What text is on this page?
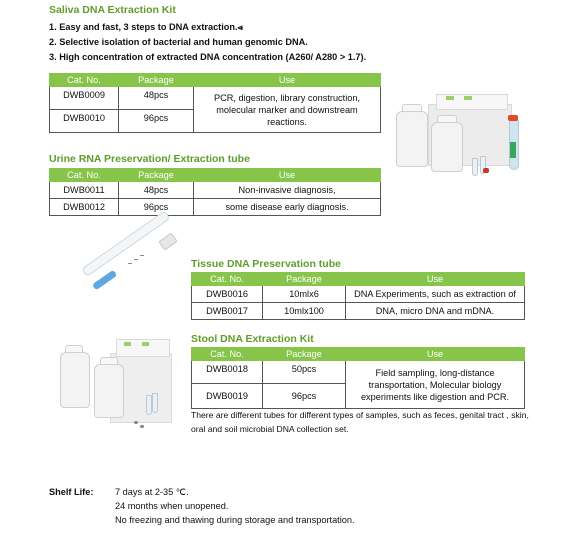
Saliva DNA Extraction Kit
1. Easy and fast, 3 steps to DNA extraction.⩹
2. Selective isolation of bacterial and human genomic DNA.
3. High concentration of extracted DNA concentration (A260/ A280 > 1.7).
Cat. No.	Package	Use

DWB0009	48pcs	PCR, digestion, library construction, molecular marker and downstream reactions.

DWB0010	96pcs	
Urine RNA Preservation/ Extraction tube
Cat. No.	Package	Use

DWB0011	48pcs	Non-invasive diagnosis,

DWB0012	96pcs	some disease early diagnosis.
Tissue DNA Preservation tube
Cat. No.	Package	Use

DWB0016	10mlx6	DNA Experiments, such as extraction of

DWB0017	10mlx100	DNA, micro DNA and mDNA.
Stool DNA Extraction Kit
Cat. No.	Package	Use

DWB0018	50pcs	Field sampling, long-distance transportation, Molecular biology experiments like digestion and PCR.

DWB0019	96pcs	
There are different tubes for different types of samples, such as feces, genital tract , skin, oral and soil microbial DNA collection set.
Shelf Life: 7 days at 2-35 ℃.
24 months when unopened.
No freezing and thawing during storage and transportation.
